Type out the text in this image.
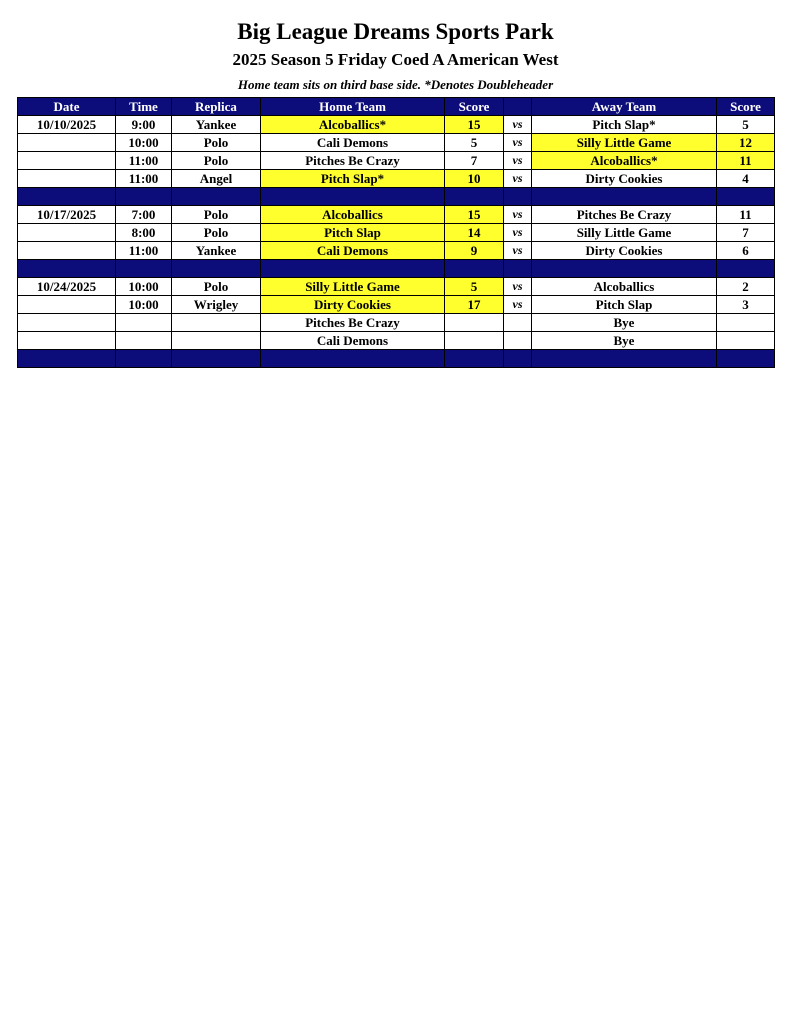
Big League Dreams Sports Park
2025 Season 5 Friday Coed A American West
Home team sits on third base side. *Denotes Doubleheader
Date	Time	Replica	Home Team	Score		Away Team	Score
10/10/2025	9:00	Yankee	Alcoballics*	15	vs	Pitch Slap*	5
	10:00	Polo	Cali Demons	5	vs	Silly Little Game	12
	11:00	Polo	Pitches Be Crazy	7	vs	Alcoballics*	11
	11:00	Angel	Pitch Slap*	10	vs	Dirty Cookies	4

10/17/2025	7:00	Polo	Alcoballics	15	vs	Pitches Be Crazy	11
	8:00	Polo	Pitch Slap	14	vs	Silly Little Game	7
	11:00	Yankee	Cali Demons	9	vs	Dirty Cookies	6

10/24/2025	10:00	Polo	Silly Little Game	5	vs	Alcoballics	2
	10:00	Wrigley	Dirty Cookies	17	vs	Pitch Slap	3
			Pitches Be Crazy			Bye	
			Cali Demons			Bye	
